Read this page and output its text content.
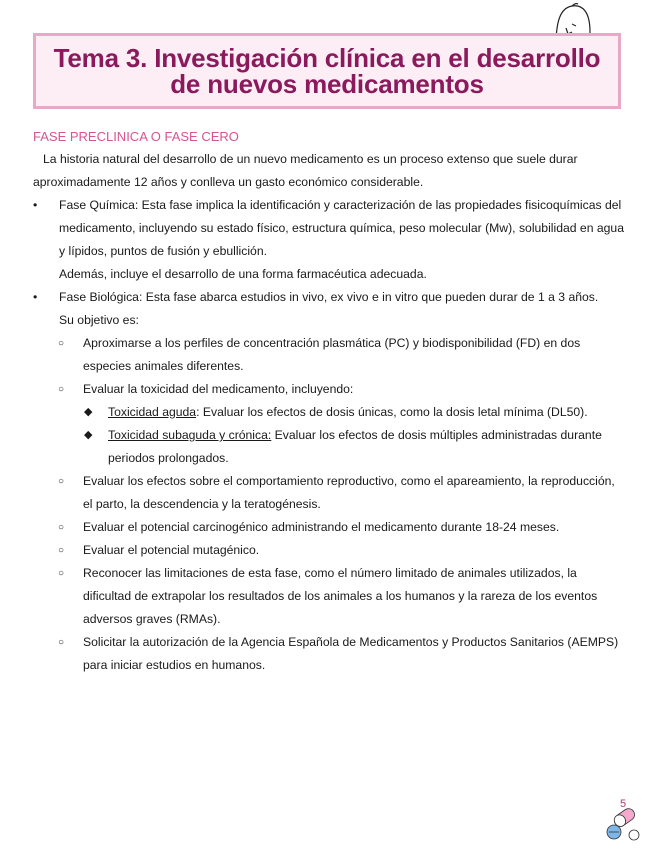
Tema 3. Investigación clínica en el desarrollo
de nuevos medicamentos
FASE PRECLINICA O FASE CERO

La historia natural del desarrollo de un nuevo medicamento es un proceso extenso que suele durar aproximadamente 12 años y conlleva un gasto económico considerable.

• Fase Química: Esta fase implica la identificación y caracterización de las propiedades fisicoquímicas del medicamento, incluyendo su estado físico, estructura química, peso molecular (Mw), solubilidad en agua y lípidos, puntos de fusión y ebullición.
Además, incluye el desarrollo de una forma farmacéutica adecuada.
• Fase Biológica: Esta fase abarca estudios in vivo, ex vivo e in vitro que pueden durar de 1 a 3 años.
Su objetivo es:
○ Aproximarse a los perfiles de concentración plasmática (PC) y biodisponibilidad (FD) en dos especies animales diferentes.
○ Evaluar la toxicidad del medicamento, incluyendo:
◆ Toxicidad aguda: Evaluar los efectos de dosis únicas, como la dosis letal mínima (DL50).
◆ Toxicidad subaguda y crónica: Evaluar los efectos de dosis múltiples administradas durante periodos prolongados.
○ Evaluar los efectos sobre el comportamiento reproductivo, como el apareamiento, la reproducción, el parto, la descendencia y la teratogénesis.
○ Evaluar el potencial carcinogénico administrando el medicamento durante 18-24 meses.
○ Evaluar el potencial mutagénico.
○ Reconocer las limitaciones de esta fase, como el número limitado de animales utilizados, la dificultad de extrapolar los resultados de los animales a los humanos y la rareza de los eventos adversos graves (RMAs).
○ Solicitar la autorización de la Agencia Española de Medicamentos y Productos Sanitarios (AEMPS) para iniciar estudios en humanos.
5
